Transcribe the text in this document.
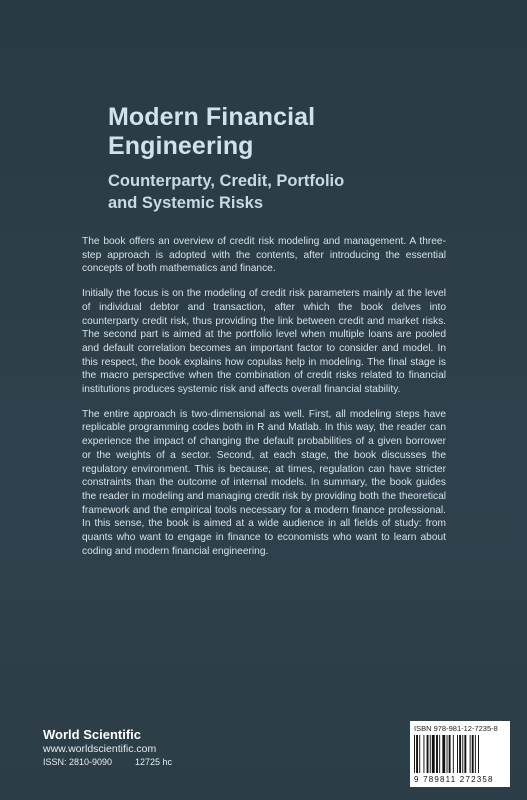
Modern Financial
Engineering
Counterparty, Credit, Portfolio
and Systemic Risks

The book offers an overview of credit risk modeling and management. A three-step approach is adopted with the contents, after introducing the essential concepts of both mathematics and finance.

Initially the focus is on the modeling of credit risk parameters mainly at the level of individual debtor and transaction, after which the book delves into counterparty credit risk, thus providing the link between credit and market risks. The second part is aimed at the portfolio level when multiple loans are pooled and default correlation becomes an important factor to consider and model. In this respect, the book explains how copulas help in modeling. The final stage is the macro perspective when the combination of credit risks related to financial institutions produces systemic risk and affects overall financial stability.

The entire approach is two-dimensional as well. First, all modeling steps have replicable programming codes both in R and Matlab. In this way, the reader can experience the impact of changing the default probabilities of a given borrower or the weights of a sector. Second, at each stage, the book discusses the regulatory environment. This is because, at times, regulation can have stricter constraints than the outcome of internal models. In summary, the book guides the reader in modeling and managing credit risk by providing both the theoretical framework and the empirical tools necessary for a modern finance professional. In this sense, the book is aimed at a wide audience in all fields of study: from quants who want to engage in finance to economists who want to learn about coding and modern financial engineering.

World Scientific
www.worldscientific.com
ISSN: 2810-9090	12725 hc
ISBN 978-981-12-7235-8
9 789811 272358
